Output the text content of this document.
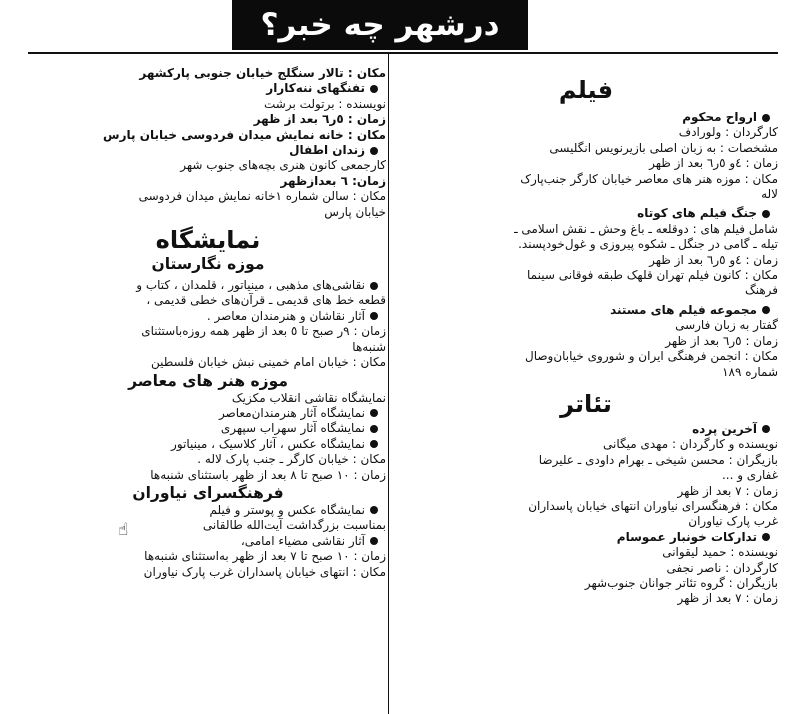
درشهر چه خبر؟
فیلم
ارواح محکوم
کارگردان : ولورادف
مشخصات : به زبان اصلی بازیرنویس انگلیسی
زمان : ٤و ٥ر٦ بعد از ظهر
مکان : موزه هنر های معاصر خیابان کارگر جنب‌پارک
لاله
جنگ فیلم های کوتاه
شامل فیلم های : دوقلعه ـ باغ وحش ـ نقش اسلامی ـ
تیله ـ گامی در جنگل ـ شکوه پیروزی و غول‌خودپسند.
زمان : ٤و ٥ر٦ بعد از ظهر
مکان : کانون فیلم تهران قلهک طبقه فوقانی سینما
فرهنگ
مجموعه فیلم های مستند
گفتار به زبان فارسی
زمان : ٥ر٦ بعد از ظهر
مکان : انجمن فرهنگی ایران و شوروی خیابان‌وصال
شماره ١٨٩
تئاتر
آخرین پرده
نویسنده و کارگردان : مهدی میگانی
بازیگران : محسن شیخی ـ بهرام داودی ـ علیرضا
غفاری و ...
زمان : ۷ بعد از ظهر
مکان : فرهنگسرای نیاوران انتهای خیابان پاسداران
غرب پارک نیاوران
تدارکات خونبار عموسام
نویسنده : حمید لیقوانی
کارگردان : ناصر نجفی
بازیگران : گروه تئاتر جوانان جنوب‌شهر
زمان : ۷ بعد از ظهر
مکان : تالار سنگلج خیابان جنوبی پارکشهر
تفنگهای ننه‌کارار
نویسنده : برتولت برشت
زمان : ٥ر٦ بعد از ظهر
مکان : خانه نمایش میدان فردوسی خیابان پارس
زندان اطفال
کارجمعی کانون هنری بچه‌های جنوب شهر
زمان: ٦ بعدازظهر
مکان : سالن شماره ١خانه نمایش میدان فردوسی
خیابان پارس
نمایشگاه
موزه نگارستان
نقاشی‌های مذهبی ، مینیاتور ، قلمدان ، کتاب و
قطعه خط های قدیمی ـ قرآن‌های خطی قدیمی ،
آثار نقاشان و هنرمندان معاصر .
زمان : ٩ر صبح تا ٥ بعد از ظهر همه روزه‌باستثنای
شنبه‌ها
مکان : خیابان امام خمینی نبش خیابان فلسطین
موزه هنر های معاصر
نمایشگاه نقاشی انقلاب مکزیک
نمایشگاه آثار هنرمندان‌معاصر
نمایشگاه آثار سهراب سپهری
نمایشگاه عکس ، آثار کلاسیک ، مینیاتور
مکان : خیابان کارگر ـ جنب پارک لاله .
زمان : ١٠ صبح تا ٨ بعد از ظهر باستثنای شنبه‌ها
فرهنگسرای نیاوران
نمایشگاه عکس و پوستر و فیلم
بمناسبت بزرگداشت آیت‌الله طالقانی
آثار نقاشی مضیاء امامی،
زمان : ١٠ صبح تا ۷ بعد از ظهر به‌استثنای شنبه‌ها
مکان : انتهای خیابان پاسداران غرب پارک نیاوران
☝
